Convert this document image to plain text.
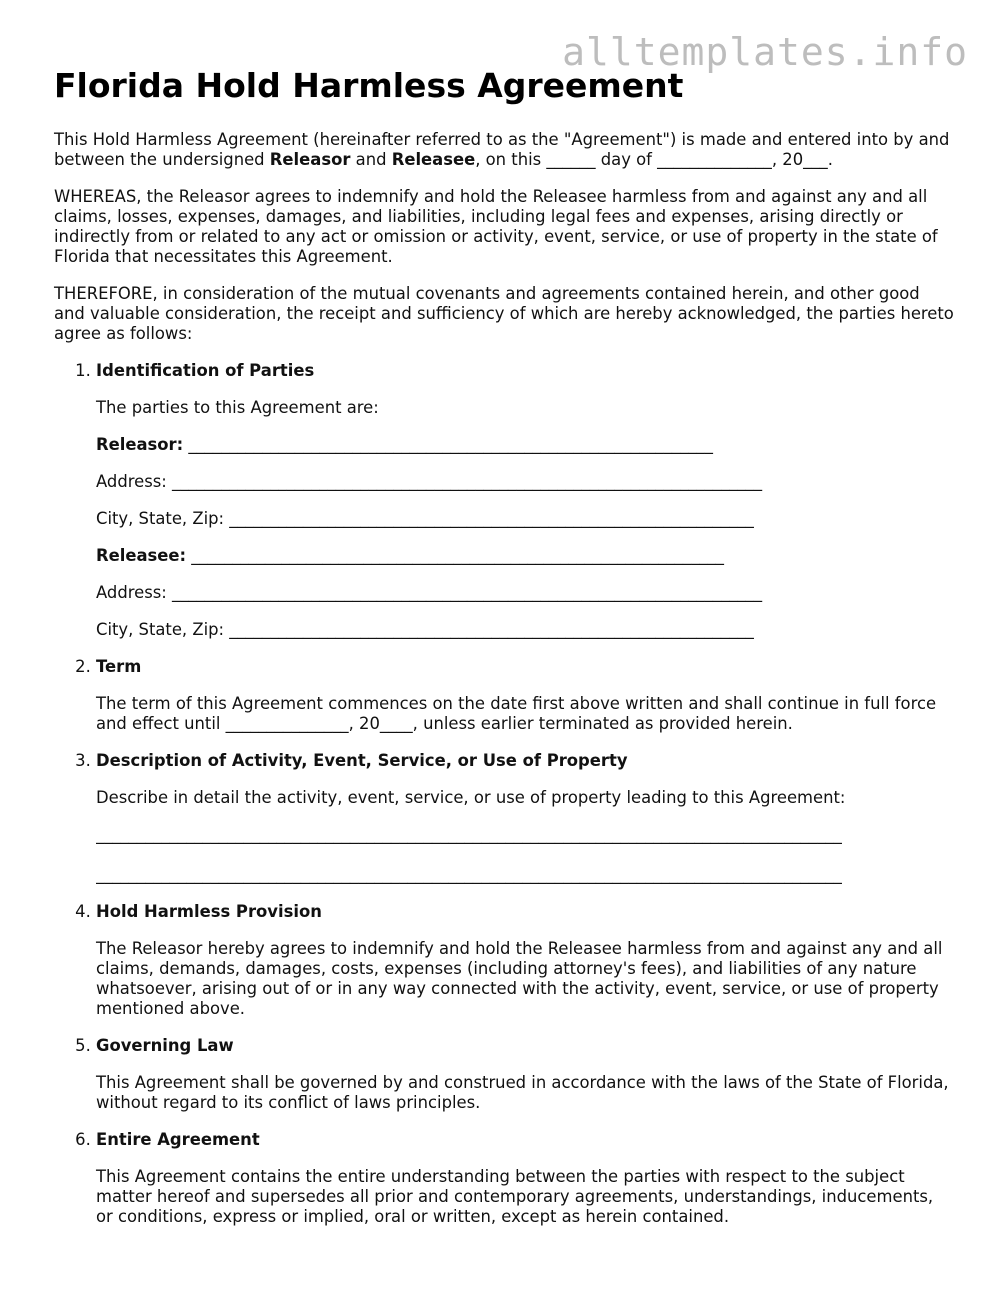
alltemplates.info
Florida Hold Harmless Agreement

This Hold Harmless Agreement (hereinafter referred to as the "Agreement") is made and entered into by and between the undersigned Releasor and Releasee, on this ______ day of ______________, 20___.

WHEREAS, the Releasor agrees to indemnify and hold the Releasee harmless from and against any and all claims, losses, expenses, damages, and liabilities, including legal fees and expenses, arising directly or indirectly from or related to any act or omission or activity, event, service, or use of property in the state of Florida that necessitates this Agreement.

THEREFORE, in consideration of the mutual covenants and agreements contained herein, and other good and valuable consideration, the receipt and sufficiency of which are hereby acknowledged, the parties hereto agree as follows:

1. Identification of Parties
The parties to this Agreement are:
Releasor: ________________________________________________________________
Address: ________________________________________________________________________
City, State, Zip: ________________________________________________________________
Releasee: _________________________________________________________________
Address: ________________________________________________________________________
City, State, Zip: ________________________________________________________________
2. Term
The term of this Agreement commences on the date first above written and shall continue in full force and effect until _______________, 20____, unless earlier terminated as provided herein.
3. Description of Activity, Event, Service, or Use of Property
Describe in detail the activity, event, service, or use of property leading to this Agreement:
___________________________________________________________________________________________
___________________________________________________________________________________________
4. Hold Harmless Provision
The Releasor hereby agrees to indemnify and hold the Releasee harmless from and against any and all claims, demands, damages, costs, expenses (including attorney's fees), and liabilities of any nature whatsoever, arising out of or in any way connected with the activity, event, service, or use of property mentioned above.
5. Governing Law
This Agreement shall be governed by and construed in accordance with the laws of the State of Florida, without regard to its conflict of laws principles.
6. Entire Agreement
This Agreement contains the entire understanding between the parties with respect to the subject matter hereof and supersedes all prior and contemporary agreements, understandings, inducements, or conditions, express or implied, oral or written, except as herein contained.
